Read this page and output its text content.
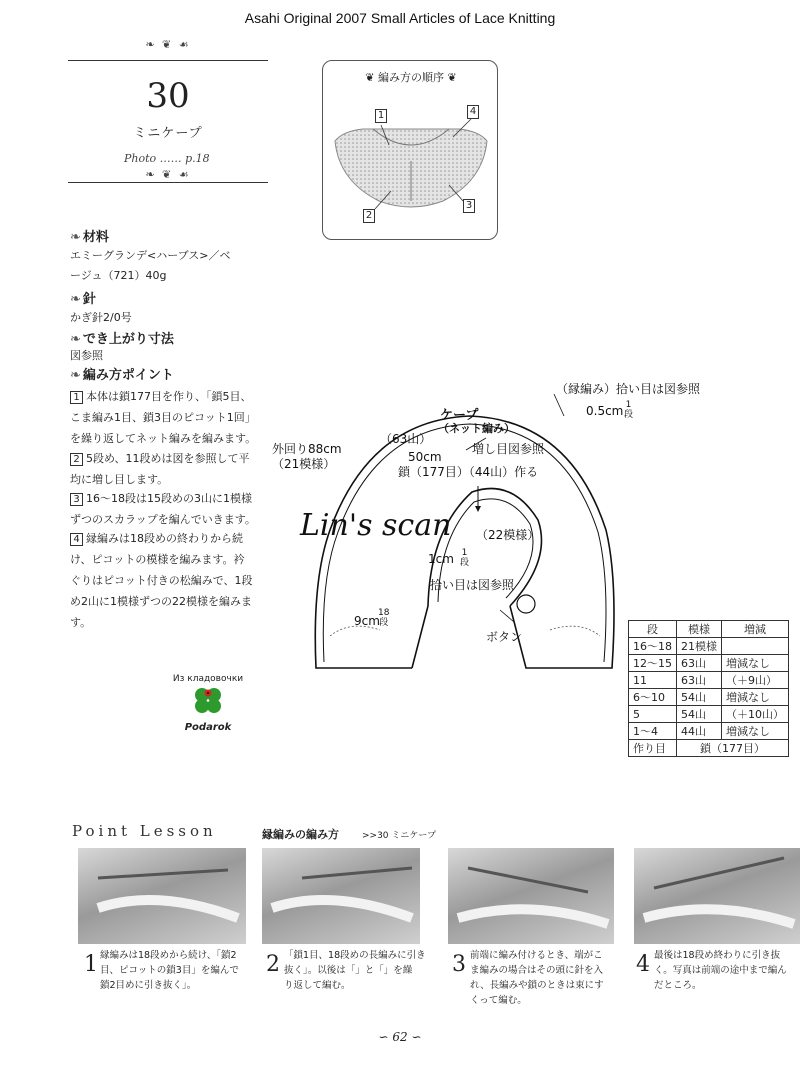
Asahi Original 2007 Small Articles of Lace Knitting
❧ ❦ ☙
30
ミニケープ
Photo …… p.18
❧ ❦ ☙
❧ 材料
エミーグランデ<ハーブス>／ベ
ージュ（721）40g
❧ 針
かぎ針2/0号
❧ でき上がり寸法
図参照
❧ 編み方ポイント
1 本体は鎖177目を作り、「鎖5目、
こま編み1目、鎖3目のピコット1回」
を繰り返してネット編みを編みます。
2 5段め、11段めは図を参照して平
均に増し目します。
3 16〜18段は15段めの3山に1模様
ずつのスカラップを編んでいきます。
4 縁編みは18段めの終わりから続
け、ピコットの模様を編みます。衿
ぐりはピコット付きの松編みで、1段
め2山に1模様ずつの22模様を編みま
す。
❦ 編み方の順序 ❦
1	4
2
3
ケープ
（ネット編み）
（縁編み）拾い目は図参照
0.5cm 1
段
（63山）
増し目図参照
外回り88cm
（21模様）	50cm
鎖（177目）（44山）作る
（22模様）
1cm 1
段
拾い目は図参照
9cm
18
段
ボタン
Lin's scan
段	模様	増減
16〜18	21模様	
12〜15	63山	増減なし
11	63山	（＋9山）
6〜10	54山	増減なし
5	54山	（＋10山）
1〜4	44山	増減なし
作り目	鎖（177目）	
Из кладовочки
Podarok
Point Lesson	縁編みの編み方	>>30 ミニケープ
1 縁編みは18段めから続け、「鎖2
目、ピコットの鎖3目」を編んで
鎖2目めに引き抜く」。
2 「鎖1目、18段めの長編みに引き
抜く」。以後は「」と「」を繰
り返して編む。
3 前端に編み付けるとき、端がこ
ま編みの場合はその頭に針を入
れ、長編みや鎖のときは束にす
くって編む。
4 最後は18段め終わりに引き抜
く。写真は前端の途中まで編ん
だところ。
∽ 62 ∽
